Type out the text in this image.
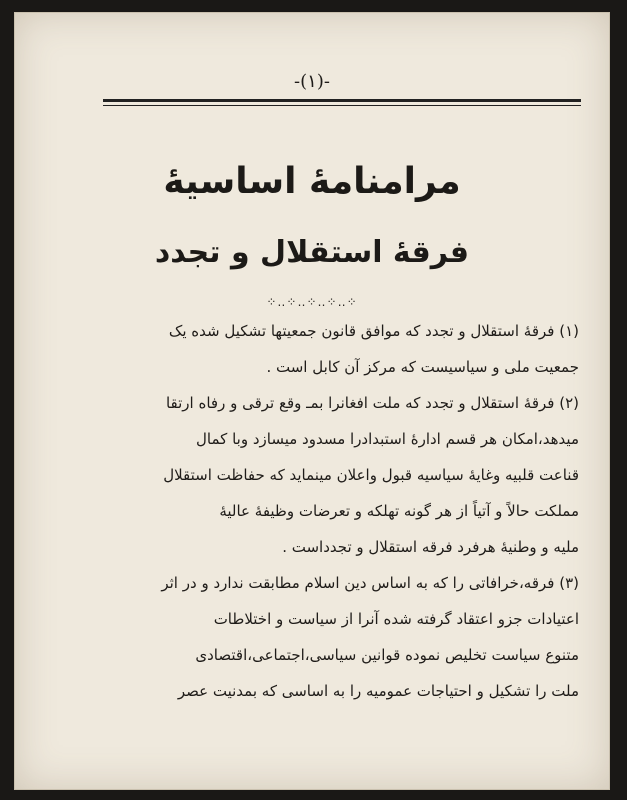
-(١)-
مرامنامهٔ اساسیهٔ
فرقهٔ استقلال و تجدد
⁘‥⁘‥⁘‥⁘‥⁘
(١) فرقهٔ استقلال و تجدد که موافق قانون جمعیتها تشکیل شده یک
جمعیت ملی و سیاسیست که مرکز آن کابل است .
(٢) فرقهٔ استقلال و تجدد که ملت افغانرا بمـ وقع ترقی و رفاه ارتقا
میدهد،امکان هر قسم ادارهٔ استبدادرا مسدود میسازد وبا کمال
قناعت قلبیه وغایهٔ سیاسیه قبول واعلان مینماید که حفاظت استقلال
مملکت حالاً و آتیاً از هر گونه تهلکه و تعرضات وظیفهٔ عالیهٔ
ملیه و وطنیهٔ هرفرد فرقه استقلال و تجدداست .
(٣) فرقه،خرافاتی را که به اساس دین اسلام مطابقت ندارد و در اثر
اعتیادات جزو اعتقاد گرفته شده آنرا از سیاست و اختلاطات
متنوع سیاست تخلیص نموده قوانین سیاسی،اجتماعی،اقتصادی
ملت را تشکیل و احتیاجات عمومیه را به اساسی که بمدنیت عصر
